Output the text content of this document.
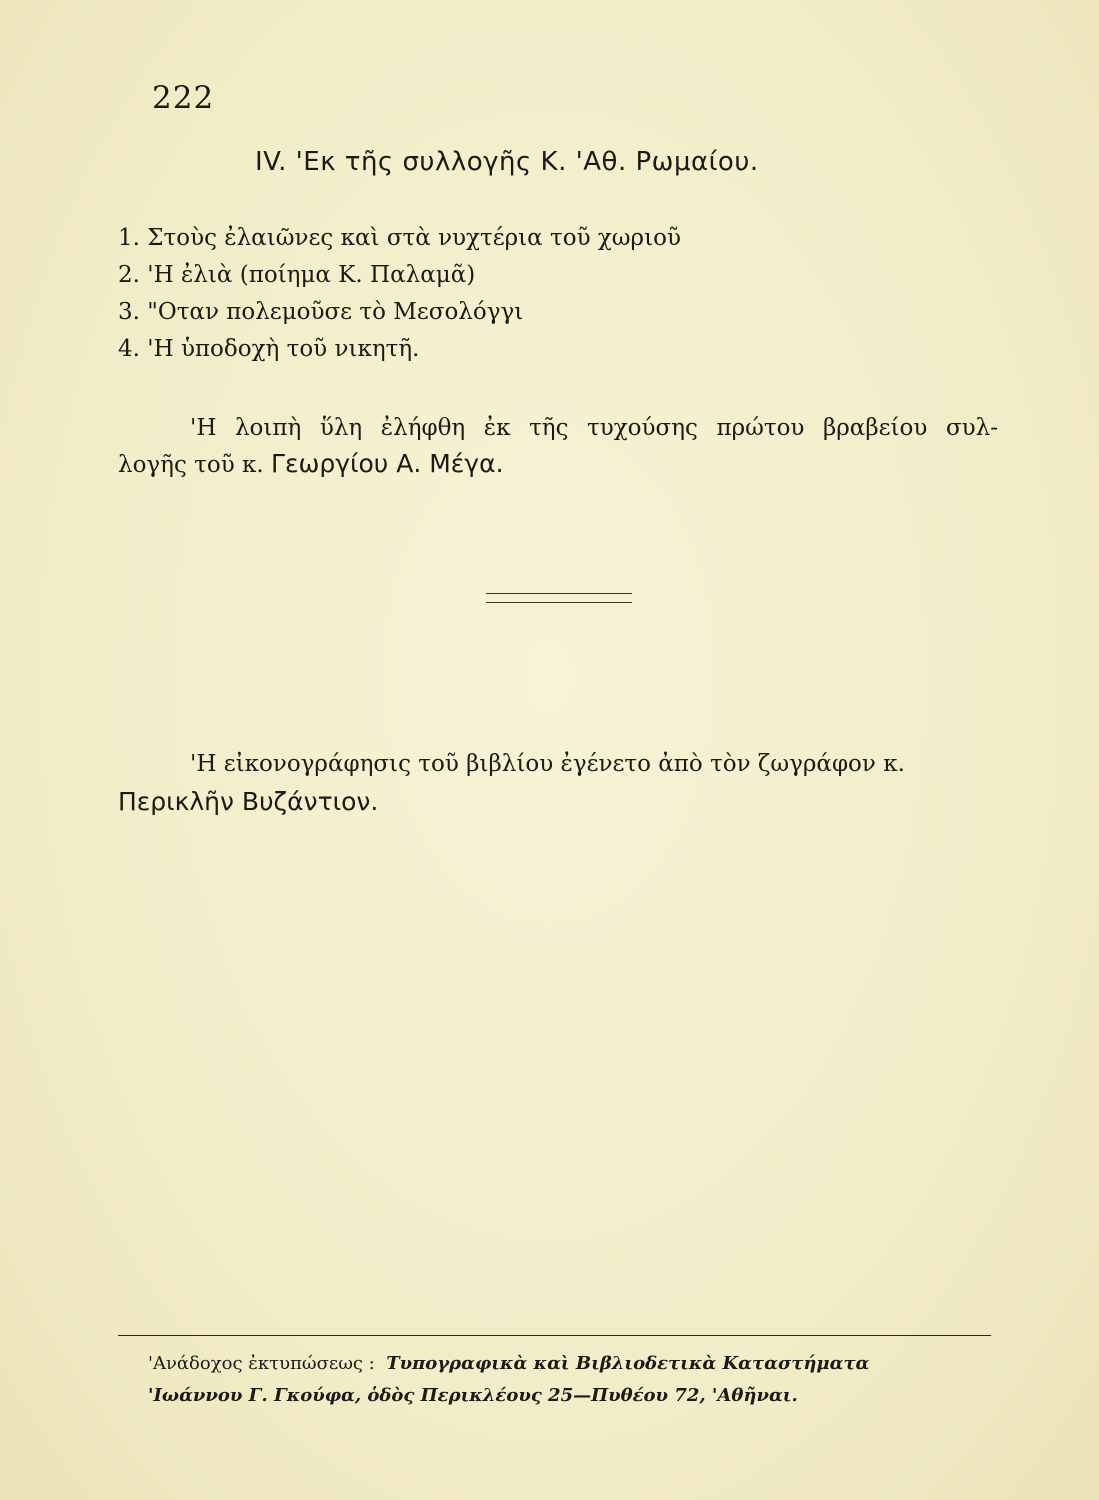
222
IV. 'Εκ τῆς συλλογῆς Κ. 'Αθ. Ρωμαίου.
1. Στοὺς ἐλαιῶνες καὶ στὰ νυχτέρια τοῦ χωριοῦ
2. 'Η ἐλιὰ (ποίημα Κ. Παλαμᾶ)
3. "Οταν πολεμοῦσε τὸ Μεσολόγγι
4. 'Η ὑποδοχὴ τοῦ νικητῆ.
'Η λοιπὴ ὕλη ἐλήφθη ἐκ τῆς τυχούσης πρώτου βραβείου συλ-
λογῆς τοῦ κ. Γεωργίου Α. Μέγα.
'Η εἰκονογράφησις τοῦ βιβλίου ἐγένετο ἀπὸ τὸν ζωγράφον κ.
Περικλῆν Βυζάντιον.
'Ανάδοχος ἐκτυπώσεως : Τυπογραφικὰ καὶ Βιβλιοδετικὰ Καταστήματα
'Ιωάννου Γ. Γκούφα, ὁδὸς Περικλέους 25—Πυθέου 72, 'Αθῆναι.
